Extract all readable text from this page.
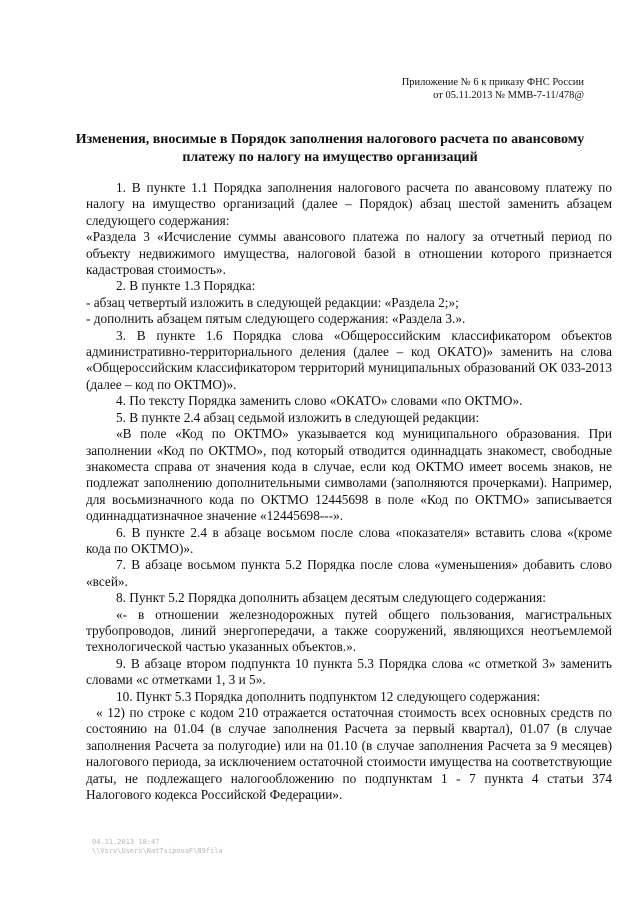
Приложение № 6 к приказу ФНС России
от 05.11.2013 № ММВ-7-11/478@
Изменения, вносимые в Порядок заполнения налогового расчета по авансовому платежу по налогу на имущество организаций

1. В пункте 1.1 Порядка заполнения налогового расчета по авансовому платежу по налогу на имущество организаций (далее – Порядок) абзац шестой заменить абзацем следующего содержания:

«Раздела 3 «Исчисление суммы авансового платежа по налогу за отчетный период по объекту недвижимого имущества, налоговой базой в отношении которого признается кадастровая стоимость».

2. В пункте 1.3 Порядка:

- абзац четвертый изложить в следующей редакции: «Раздела 2;»;

- дополнить абзацем пятым следующего содержания: «Раздела 3.».

3. В пункте 1.6 Порядка слова «Общероссийским классификатором объектов административно-территориального деления (далее – код ОКАТО)» заменить на слова «Общероссийским классификатором территорий муниципальных образований ОК 033-2013 (далее – код по ОКТМО)».

4. По тексту Порядка заменить слово «ОКАТО» словами «по ОКТМО».

5. В пункте 2.4 абзац седьмой изложить в следующей редакции:

«В поле «Код по ОКТМО» указывается код муниципального образования. При заполнении «Код по ОКТМО», под который отводится одиннадцать знакомест, свободные знакоместа справа от значения кода в случае, если код ОКТМО имеет восемь знаков, не подлежат заполнению дополнительными символами (заполняются прочерками). Например, для восьмизначного кода по ОКТМО 12445698 в поле «Код по ОКТМО» записывается одиннадцатизначное значение «12445698---».

6. В пункте 2.4 в абзаце восьмом после слова «показателя» вставить слова «(кроме кода по ОКТМО)».

7. В абзаце восьмом пункта 5.2 Порядка после слова «уменьшения» добавить слово «всей».

8. Пункт 5.2 Порядка дополнить абзацем десятым следующего содержания:

«- в отношении железнодорожных путей общего пользования, магистральных трубопроводов, линий энергопередачи, а также сооружений, являющихся неотъемлемой технологической частью указанных объектов.».

9. В абзаце втором подпункта 10 пункта 5.3 Порядка слова «с отметкой 3» заменить словами «с отметками 1, 3 и 5».

10. Пункт 5.3 Порядка дополнить подпунктом 12 следующего содержания:

« 12) по строке с кодом 210 отражается остаточная стоимость всех основных средств по состоянию на 01.04 (в случае заполнения Расчета за первый квартал), 01.07 (в случае заполнения Расчета за полугодие) или на 01.10 (в случае заполнения Расчета за 9 месяцев) налогового периода, за исключением остаточной стоимости имущества на соответствующие даты, не подлежащего налогообложению по подпунктам 1 - 7 пункта 4 статьи 374 Налогового кодекса Российской Федерации».

04.11.2013 18:47
\\Vsrv\Users\NatTsipovaF\89fila
